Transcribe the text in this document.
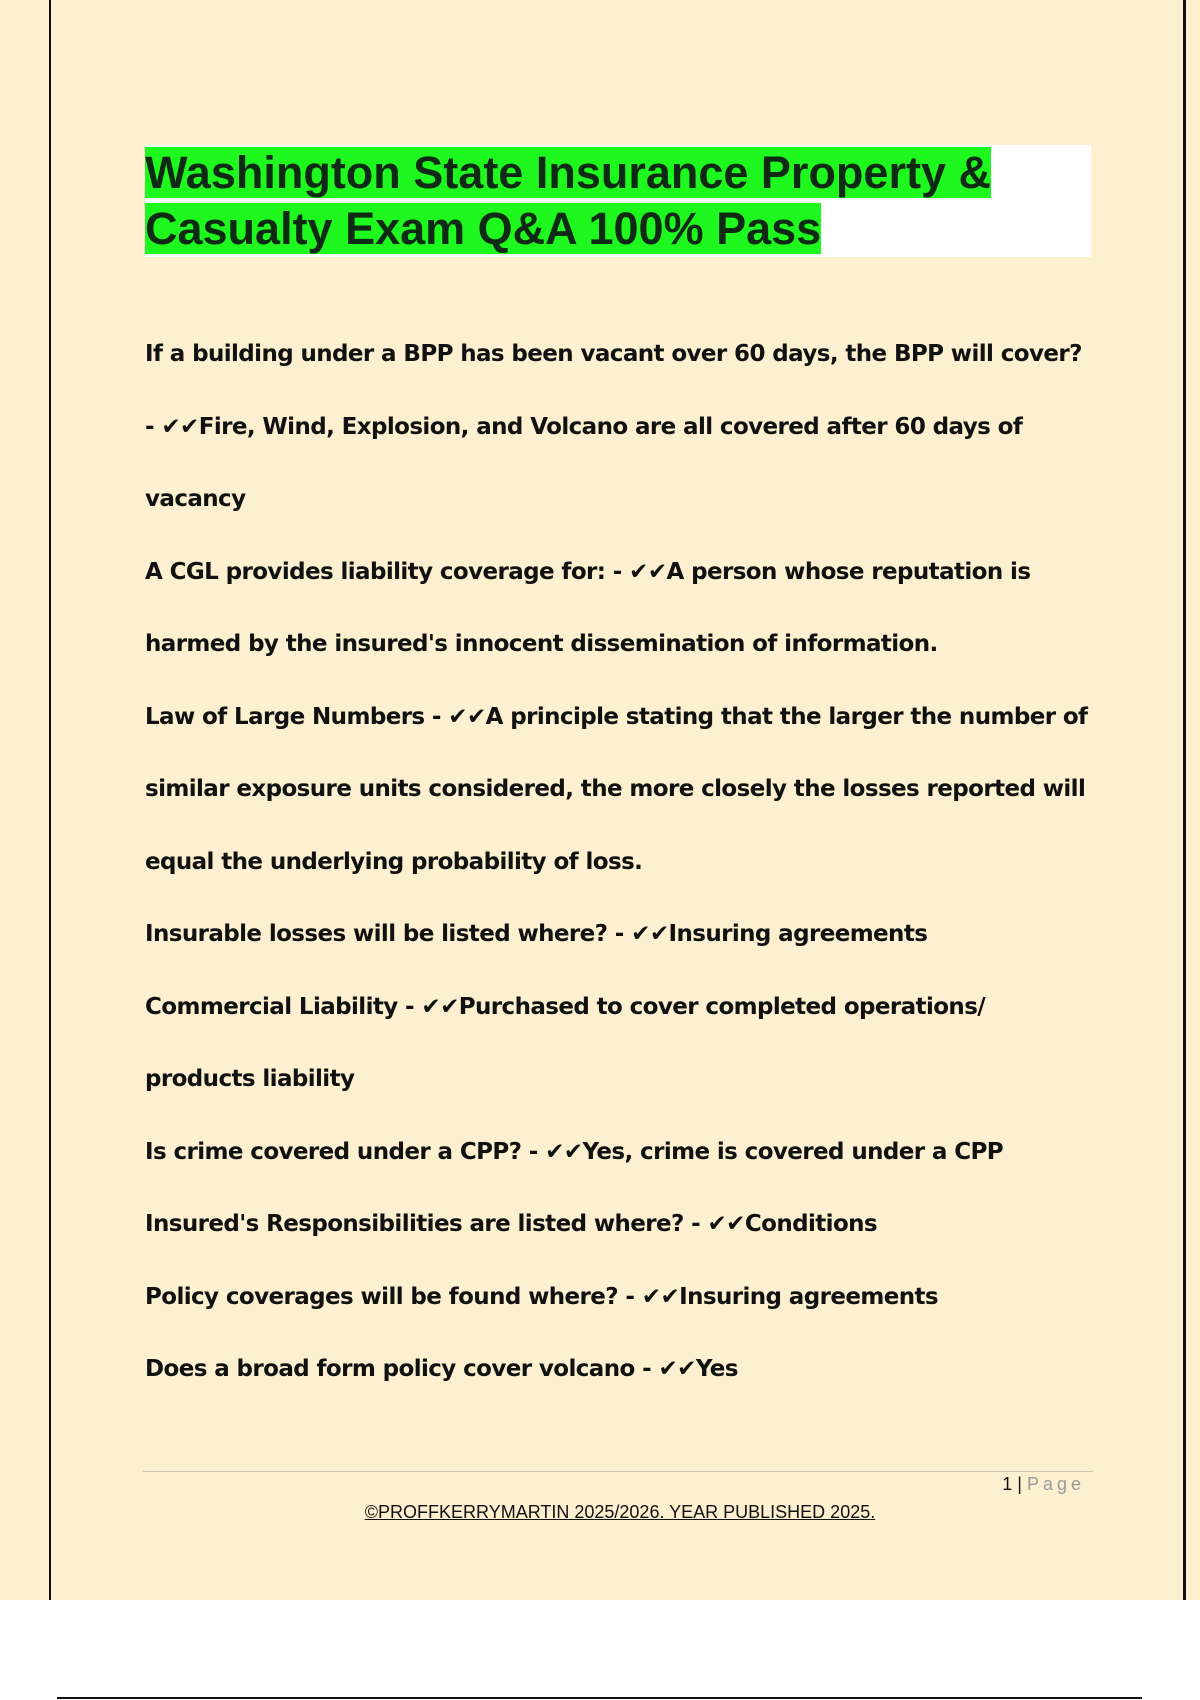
Washington State Insurance Property &
Casualty Exam Q&A 100% Pass

If a building under a BPP has been vacant over 60 days, the BPP will cover? - ✔✔Fire, Wind, Explosion, and Volcano are all covered after 60 days of vacancy

A CGL provides liability coverage for: - ✔✔A person whose reputation is harmed by the insured's innocent dissemination of information.

Law of Large Numbers - ✔✔A principle stating that the larger the number of similar exposure units considered, the more closely the losses reported will equal the underlying probability of loss.

Insurable losses will be listed where? - ✔✔Insuring agreements

Commercial Liability - ✔✔Purchased to cover completed operations/ products liability

Is crime covered under a CPP? - ✔✔Yes, crime is covered under a CPP

Insured's Responsibilities are listed where? - ✔✔Conditions

Policy coverages will be found where? - ✔✔Insuring agreements

Does a broad form policy cover volcano - ✔✔Yes

1 | Page
©PROFFKERRYMARTIN 2025/2026. YEAR PUBLISHED 2025.
